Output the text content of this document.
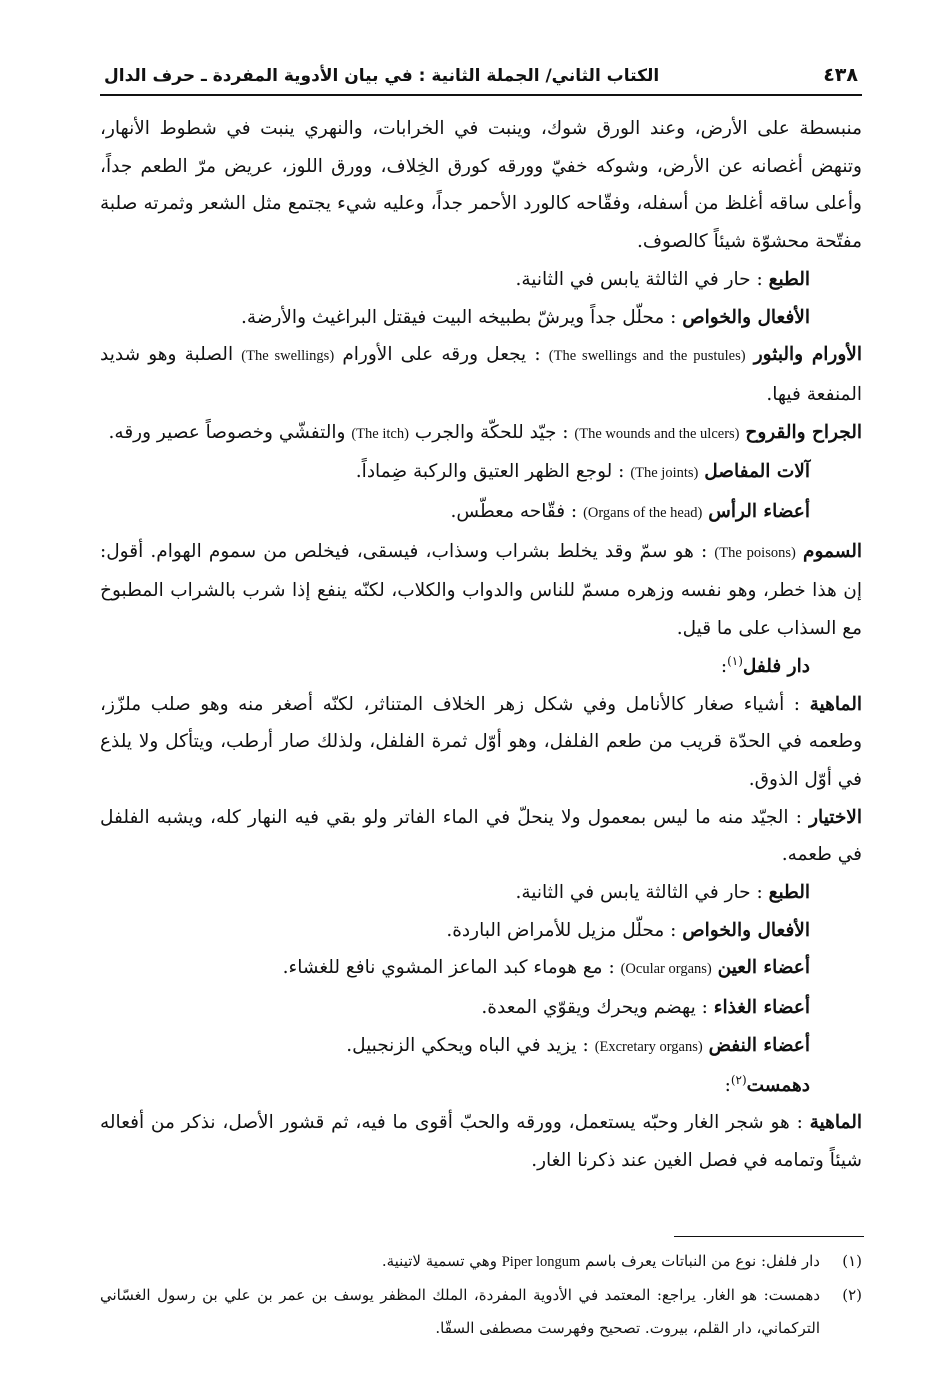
٤٣٨
الكتاب الثاني/ الجملة الثانية : في بيان الأدوية المفردة ـ حرف الدال

منبسطة على الأرض، وعند الورق شوك، وينبت في الخرابات، والنهري ينبت في شطوط الأنهار، وتنهض أغصانه عن الأرض، وشوكه خفيّ وورقه كورق الخِلاف، وورق اللوز، عريض مرّ الطعم جداً، وأعلى ساقه أغلظ من أسفله، وفقّاحه كالورد الأحمر جداً، وعليه شيء يجتمع مثل الشعر وثمرته صلبة مفتّحة محشوّة شيئاً كالصوف.

الطبع : حار في الثالثة يابس في الثانية.

الأفعال والخواص : محلّل جداً ويرشّ بطبيخه البيت فيقتل البراغيث والأرضة.

الأورام والبثور (The swellings and the pustules) : يجعل ورقه على الأورام (The swellings) الصلبة وهو شديد المنفعة فيها.

الجراح والقروح (The wounds and the ulcers) : جيّد للحكّة والجرب (The itch) والتفشّي وخصوصاً عصير ورقه.

آلات المفاصل (The joints) : لوجع الظهر العتيق والركبة ضِماداً.

أعضاء الرأس (Organs of the head) : فقّاحه معطّس.

السموم (The poisons) : هو سمّ وقد يخلط بشراب وسذاب، فيسقى، فيخلص من سموم الهوام. أقول: إن هذا خطر، وهو نفسه وزهره مسمّ للناس والدواب والكلاب، لكنّه ينفع إذا شرب بالشراب المطبوخ مع السذاب على ما قيل.

دار فلفل$^{(١)}$:

الماهية : أشياء صغار كالأنامل وفي شكل زهر الخلاف المتناثر، لكنّه أصغر منه وهو صلب ملزّز، وطعمه في الحدّة قريب من طعم الفلفل، وهو أوّل ثمرة الفلفل، ولذلك صار أرطب، ويتأكل ولا يلذع في أوّل الذوق.

الاختيار : الجيّد منه ما ليس بمعمول ولا ينحلّ في الماء الفاتر ولو بقي فيه النهار كله، ويشبه الفلفل في طعمه.

الطبع : حار في الثالثة يابس في الثانية.

الأفعال والخواص : محلّل مزيل للأمراض الباردة.

أعضاء العين (Ocular organs) : مع هوماء كبد الماعز المشوي نافع للغشاء.

أعضاء الغذاء : يهضم ويحرك ويقوّي المعدة.

أعضاء النفض (Excretary organs) : يزيد في الباه ويحكي الزنجبيل.

دهمست$^{(٢)}$:

الماهية : هو شجر الغار وحبّه يستعمل، وورقه والحبّ أقوى ما فيه، ثم قشور الأصل، نذكر من أفعاله شيئاً وتمامه في فصل الغين عند ذكرنا الغار.

(١)
دار فلفل: نوع من النباتات يعرف باسم Piper longum وهي تسمية لاتينية.
(٢)
دهمست: هو الغار. يراجع: المعتمد في الأدوية المفردة، الملك المظفر يوسف بن عمر بن علي بن رسول الغسّاني التركماني، دار القلم، بيروت. تصحيح وفهرست مصطفى السقّا.
